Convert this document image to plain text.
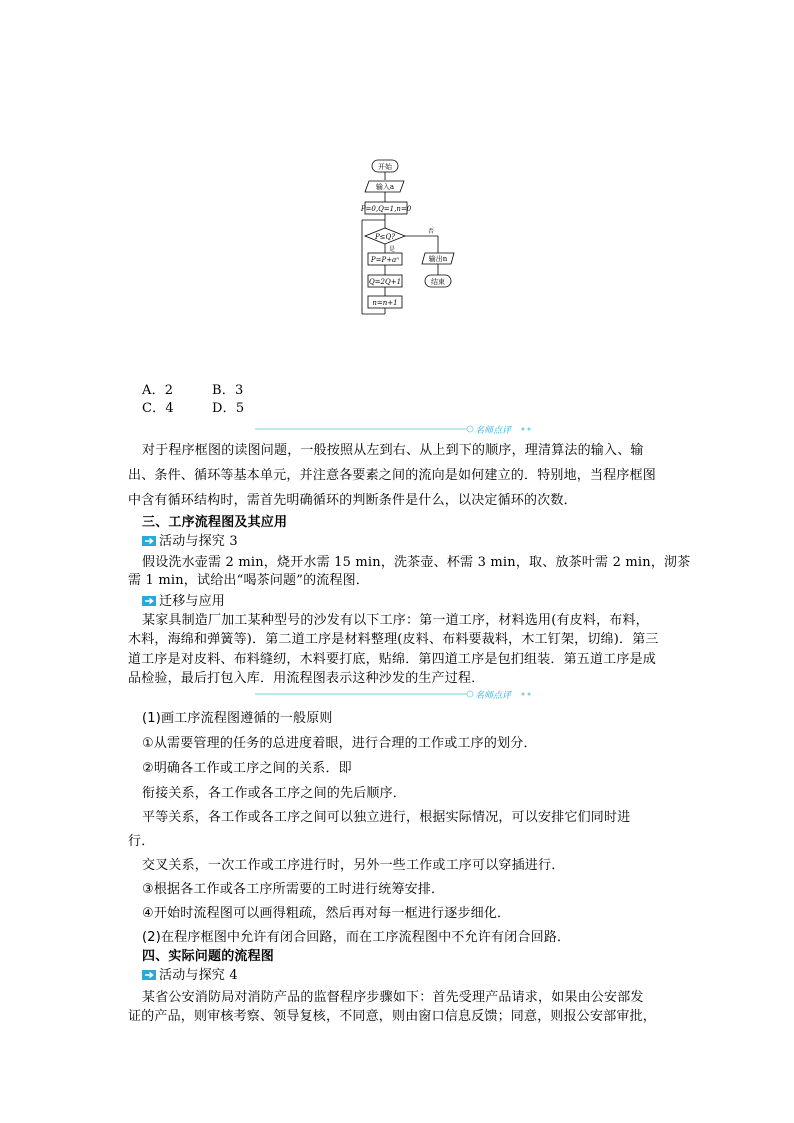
开始
输入a
P=0,Q=1,n=0
P≤Q?
是
否
P=P+aⁿ
Q=2Q+1
n=n+1
输出n
结束
A．2	B．3
C．4	D．5
名师点评
对于程序框图的读图问题，一般按照从左到右、从上到下的顺序，理清算法的输入、输
出、条件、循环等基本单元，并注意各要素之间的流向是如何建立的．特别地，当程序框图
中含有循环结构时，需首先明确循环的判断条件是什么，以决定循环的次数．
三、工序流程图及其应用
活动与探究 3
假设洗水壶需 2 min，烧开水需 15 min，洗茶壶、杯需 3 min，取、放茶叶需 2 min，沏茶
需 1 min，试给出“喝茶问题”的流程图．
迁移与应用
某家具制造厂加工某种型号的沙发有以下工序：第一道工序，材料选用(有皮料，布料，
木料，海绵和弹簧等)．第二道工序是材料整理(皮料、布料要裁料，木工钉架，切绵)．第三
道工序是对皮料、布料缝纫，木料要打底，贴绵．第四道工序是包扪组装．第五道工序是成
品检验，最后打包入库．用流程图表示这种沙发的生产过程．
名师点评
(1)画工序流程图遵循的一般原则
①从需要管理的任务的总进度着眼，进行合理的工作或工序的划分．
②明确各工作或工序之间的关系．即
衔接关系，各工作或各工序之间的先后顺序．
平等关系，各工作或各工序之间可以独立进行，根据实际情况，可以安排它们同时进
行．
交叉关系，一次工作或工序进行时，另外一些工作或工序可以穿插进行．
③根据各工作或各工序所需要的工时进行统筹安排．
④开始时流程图可以画得粗疏，然后再对每一框进行逐步细化．
(2)在程序框图中允许有闭合回路，而在工序流程图中不允许有闭合回路．
四、实际问题的流程图
活动与探究 4
某省公安消防局对消防产品的监督程序步骤如下：首先受理产品请求，如果由公安部发
证的产品，则审核考察、领导复核，不同意，则由窗口信息反馈；同意，则报公安部审批，
